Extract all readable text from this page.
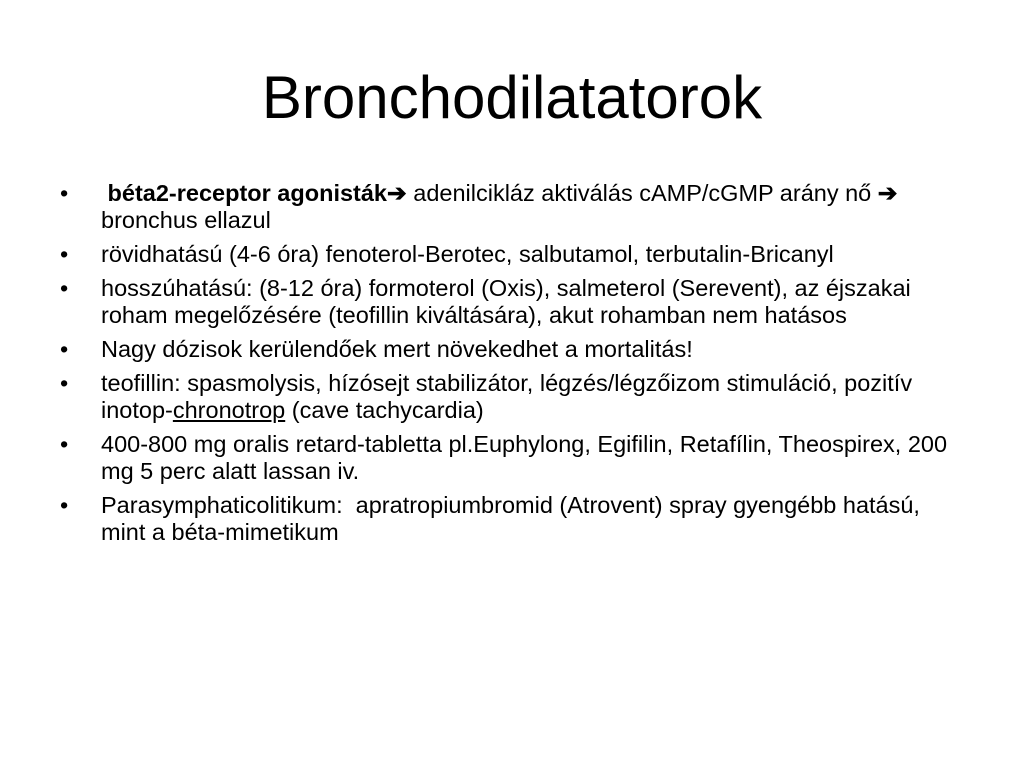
Bronchodilatatorok
• béta2-receptor agonisták➔ adenilcikláz aktiválás cAMP/cGMP arány nő ➔ bronchus ellazul
• rövidhatású (4-6 óra) fenoterol-Berotec, salbutamol, terbutalin-Bricanyl
• hosszúhatású: (8-12 óra) formoterol (Oxis), salmeterol (Serevent), az éjszakai roham megelőzésére (teofillin kiváltására), akut rohamban nem hatásos
• Nagy dózisok kerülendőek mert növekedhet a mortalitás!
• teofillin: spasmolysis, hízósejt stabilizátor, légzés/légzőizom stimuláció, pozitív inotop-chronotrop (cave tachycardia)
• 400-800 mg oralis retard-tabletta pl.Euphylong, Egifilin, Retafílin, Theospirex, 200 mg 5 perc alatt lassan iv.
• Parasymphaticolitikum:  apratropiumbromid (Atrovent) spray gyengébb hatású, mint a béta-mimetikum
